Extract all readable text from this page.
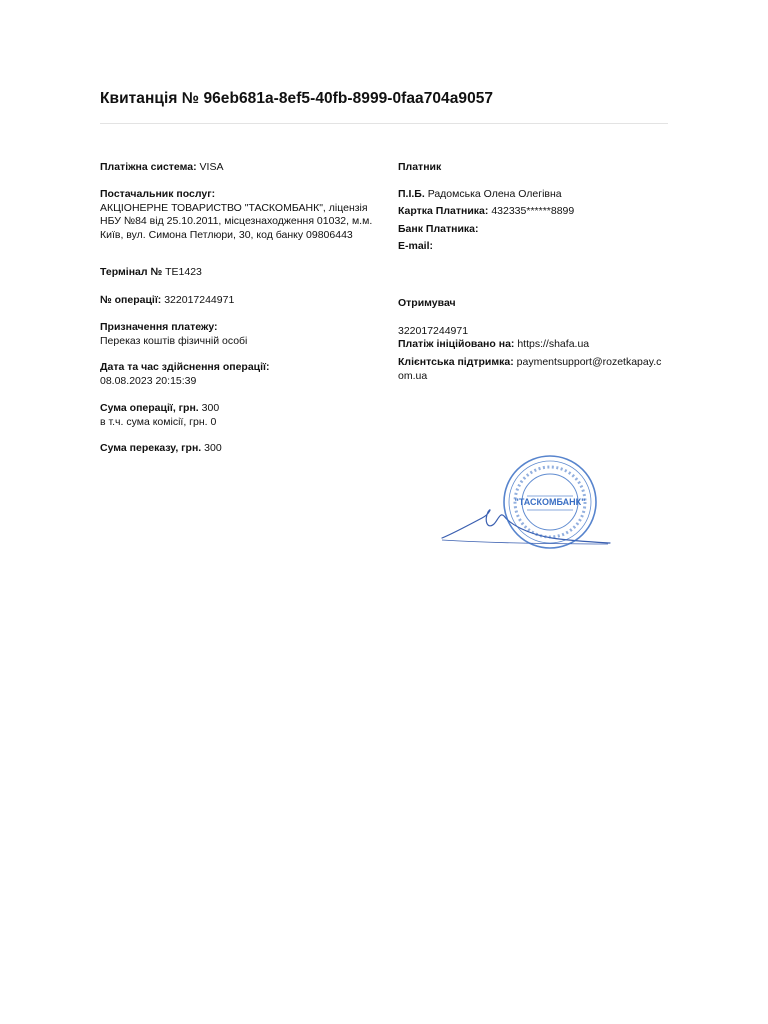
Квитанція № 96eb681a-8ef5-40fb-8999-0faa704a9057
Платіжна система: VISA
Постачальник послуг:
АКЦІОНЕРНЕ ТОВАРИСТВО "ТАСКОМБАНК", ліцензія НБУ №84 від 25.10.2011, місцезнаходження 01032, м.м. Київ, вул. Симона Петлюри, 30, код банку 09806443
Термінал № TE1423
№ операції: 322017244971
Призначення платежу:
Переказ коштів фізичній особі
Дата та час здійснення операції:
08.08.2023 20:15:39
Сума операції, грн. 300
в т.ч. сума комісії, грн. 0
Сума переказу, грн. 300
Платник
П.І.Б. Радомська Олена Олегівна
Картка Платника: 432335******8899
Банк Платника:
E-mail:
Отримувач
322017244971
Платіж ініційовано на: https://shafa.ua
Клієнтська підтримка: paymentsupport@rozetkapay.com.ua
"ТАСКОМБАНК"
